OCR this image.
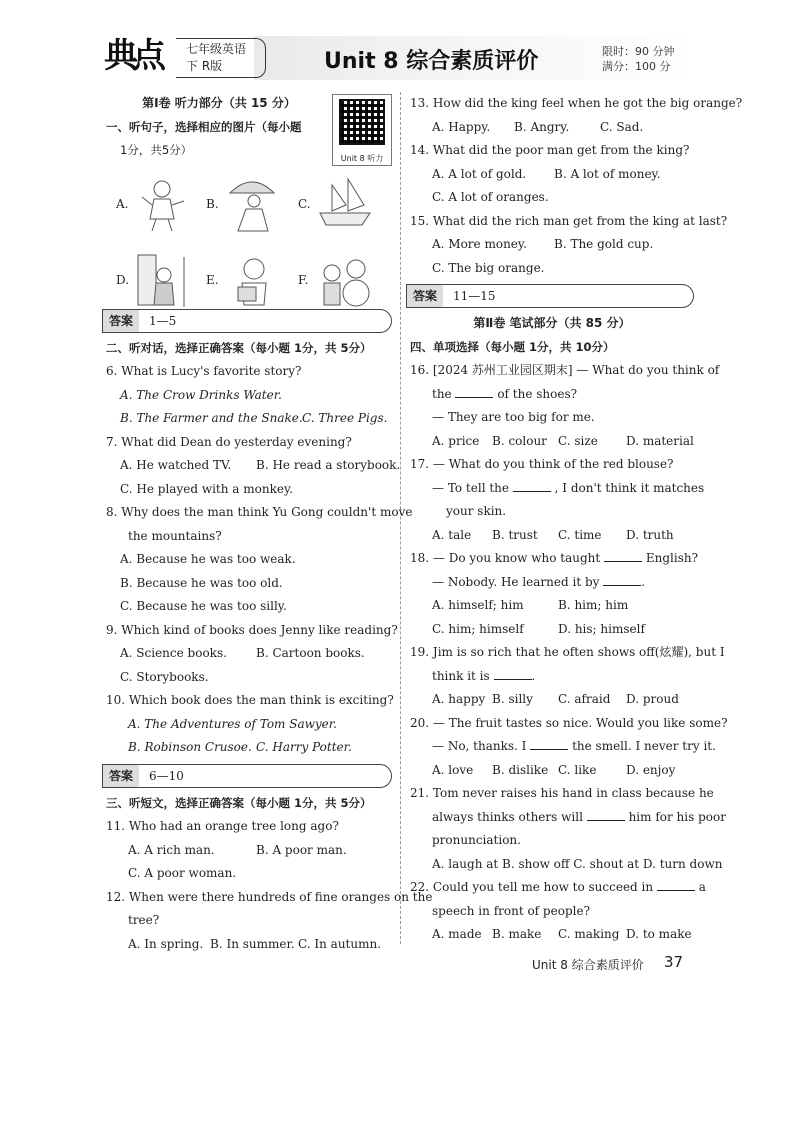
典点	七年级英语
下 R版	Unit 8 综合素质评价	限时：90 分钟
满分：100 分
第Ⅰ卷 听力部分（共 15 分）
Unit 8 听力
一、听句子，选择相应的图片（每小题
1分，共5分）
A.	B.	C.
D.	E.	F.
答案	1—5
二、听对话，选择正确答案（每小题 1分，共 5分）
6. What is Lucy's favorite story?
A. The Crow Drinks Water.
B. The Farmer and the Snake. C. Three Pigs.
7. What did Dean do yesterday evening?
A. He watched TV. B. He read a storybook.
C. He played with a monkey.
8. Why does the man think Yu Gong couldn't move
the mountains?
A. Because he was too weak.
B. Because he was too old.
C. Because he was too silly.
9. Which kind of books does Jenny like reading?
A. Science books. B. Cartoon books.
C. Storybooks.
10. Which book does the man think is exciting?
A. The Adventures of Tom Sawyer.
B. Robinson Crusoe. C. Harry Potter.
答案	6—10
三、听短文，选择正确答案（每小题 1分，共 5分）
11. Who had an orange tree long ago?
A. A rich man.	B. A poor man.
C. A poor woman.
12. When were there hundreds of fine oranges on the
tree?
A. In spring. B. In summer. C. In autumn.
13. How did the king feel when he got the big orange?
A. Happy. B. Angry.	C. Sad.
14. What did the poor man get from the king?
A. A lot of gold. B. A lot of money.
C. A lot of oranges.
15. What did the rich man get from the king at last?
A. More money. B. The gold cup.
C. The big orange.
答案	11—15
第Ⅱ卷 笔试部分（共 85 分）
四、单项选择（每小题 1分，共 10分）
16. [2024 苏州工业园区期末] — What do you think of
the	of the shoes?
— They are too big for me.
A. price B. colour C. size D. material
17. — What do you think of the red blouse?
— To tell the	, I don't think it matches
your skin.
A. tale B. trust C. time D. truth
18. — Do you know who taught	English?
— Nobody. He learned it by	.
A. himself; him	B. him; him
C. him; himself	D. his; himself
19. Jim is so rich that he often shows off(炫耀), but I
think it is	.
A. happy B. silly C. afraid D. proud
20. — The fruit tastes so nice. Would you like some?
— No, thanks. I	the smell. I never try it.
A. love B. dislike C. like D. enjoy
21. Tom never raises his hand in class because he
always thinks others will	him for his poor
pronunciation.
A. laugh at B. show off C. shout at D. turn down
22. Could you tell me how to succeed in	a
speech in front of people?
A. made B. make C. making D. to make
Unit 8 综合素质评价 37
